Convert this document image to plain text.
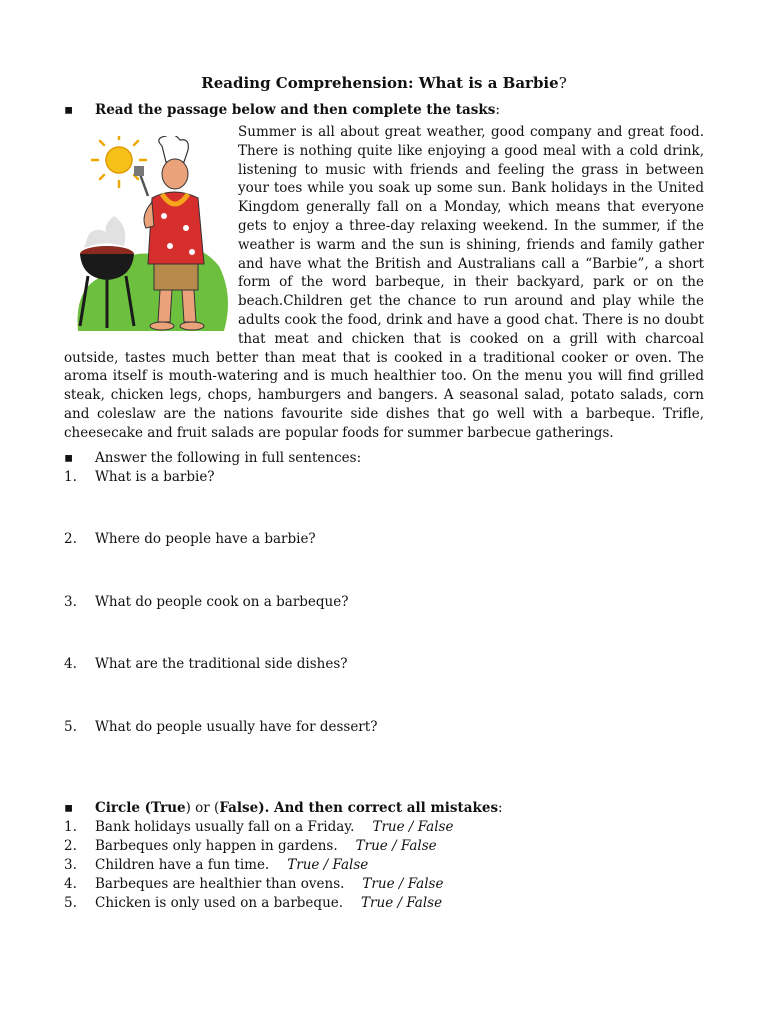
Reading Comprehension: What is a Barbie?
▪ Read the passage below and then complete the tasks:
Summer is all about great weather, good company and great food. There is nothing quite like enjoying a good meal with a cold drink, listening to music with friends and feeling the grass in between your toes while you soak up some sun. Bank holidays in the United Kingdom generally fall on a Monday, which means that everyone gets to enjoy a three-day relaxing weekend. In the summer, if the weather is warm and the sun is shining, friends and family gather and have what the British and Australians call a “Barbie”, a short form of the word barbeque, in their backyard, park or on the beach.Children get the chance to run around and play while the adults cook the food, drink and have a good chat. There is no doubt that meat and chicken that is cooked on a grill with charcoal outside, tastes much better than meat that is cooked in a traditional cooker or oven. The aroma itself is mouth-watering and is much healthier too. On the menu you will find grilled steak, chicken legs, chops, hamburgers and bangers. A seasonal salad, potato salads, corn and coleslaw are the nations favourite side dishes that go well with a barbeque. Trifle, cheesecake and fruit salads are popular foods for summer barbecue gatherings.
▪ Answer the following in full sentences:
1. What is a barbie?
2. Where do people have a barbie?
3. What do people cook on a barbeque?
4. What are the traditional side dishes?
5. What do people usually have for dessert?
▪ Circle (True) or (False). And then correct all mistakes:
1. Bank holidays usually fall on a Friday. True / False
2. Barbeques only happen in gardens. True / False
3. Children have a fun time. True / False
4. Barbeques are healthier than ovens. True / False
5. Chicken is only used on a barbeque. True / False
